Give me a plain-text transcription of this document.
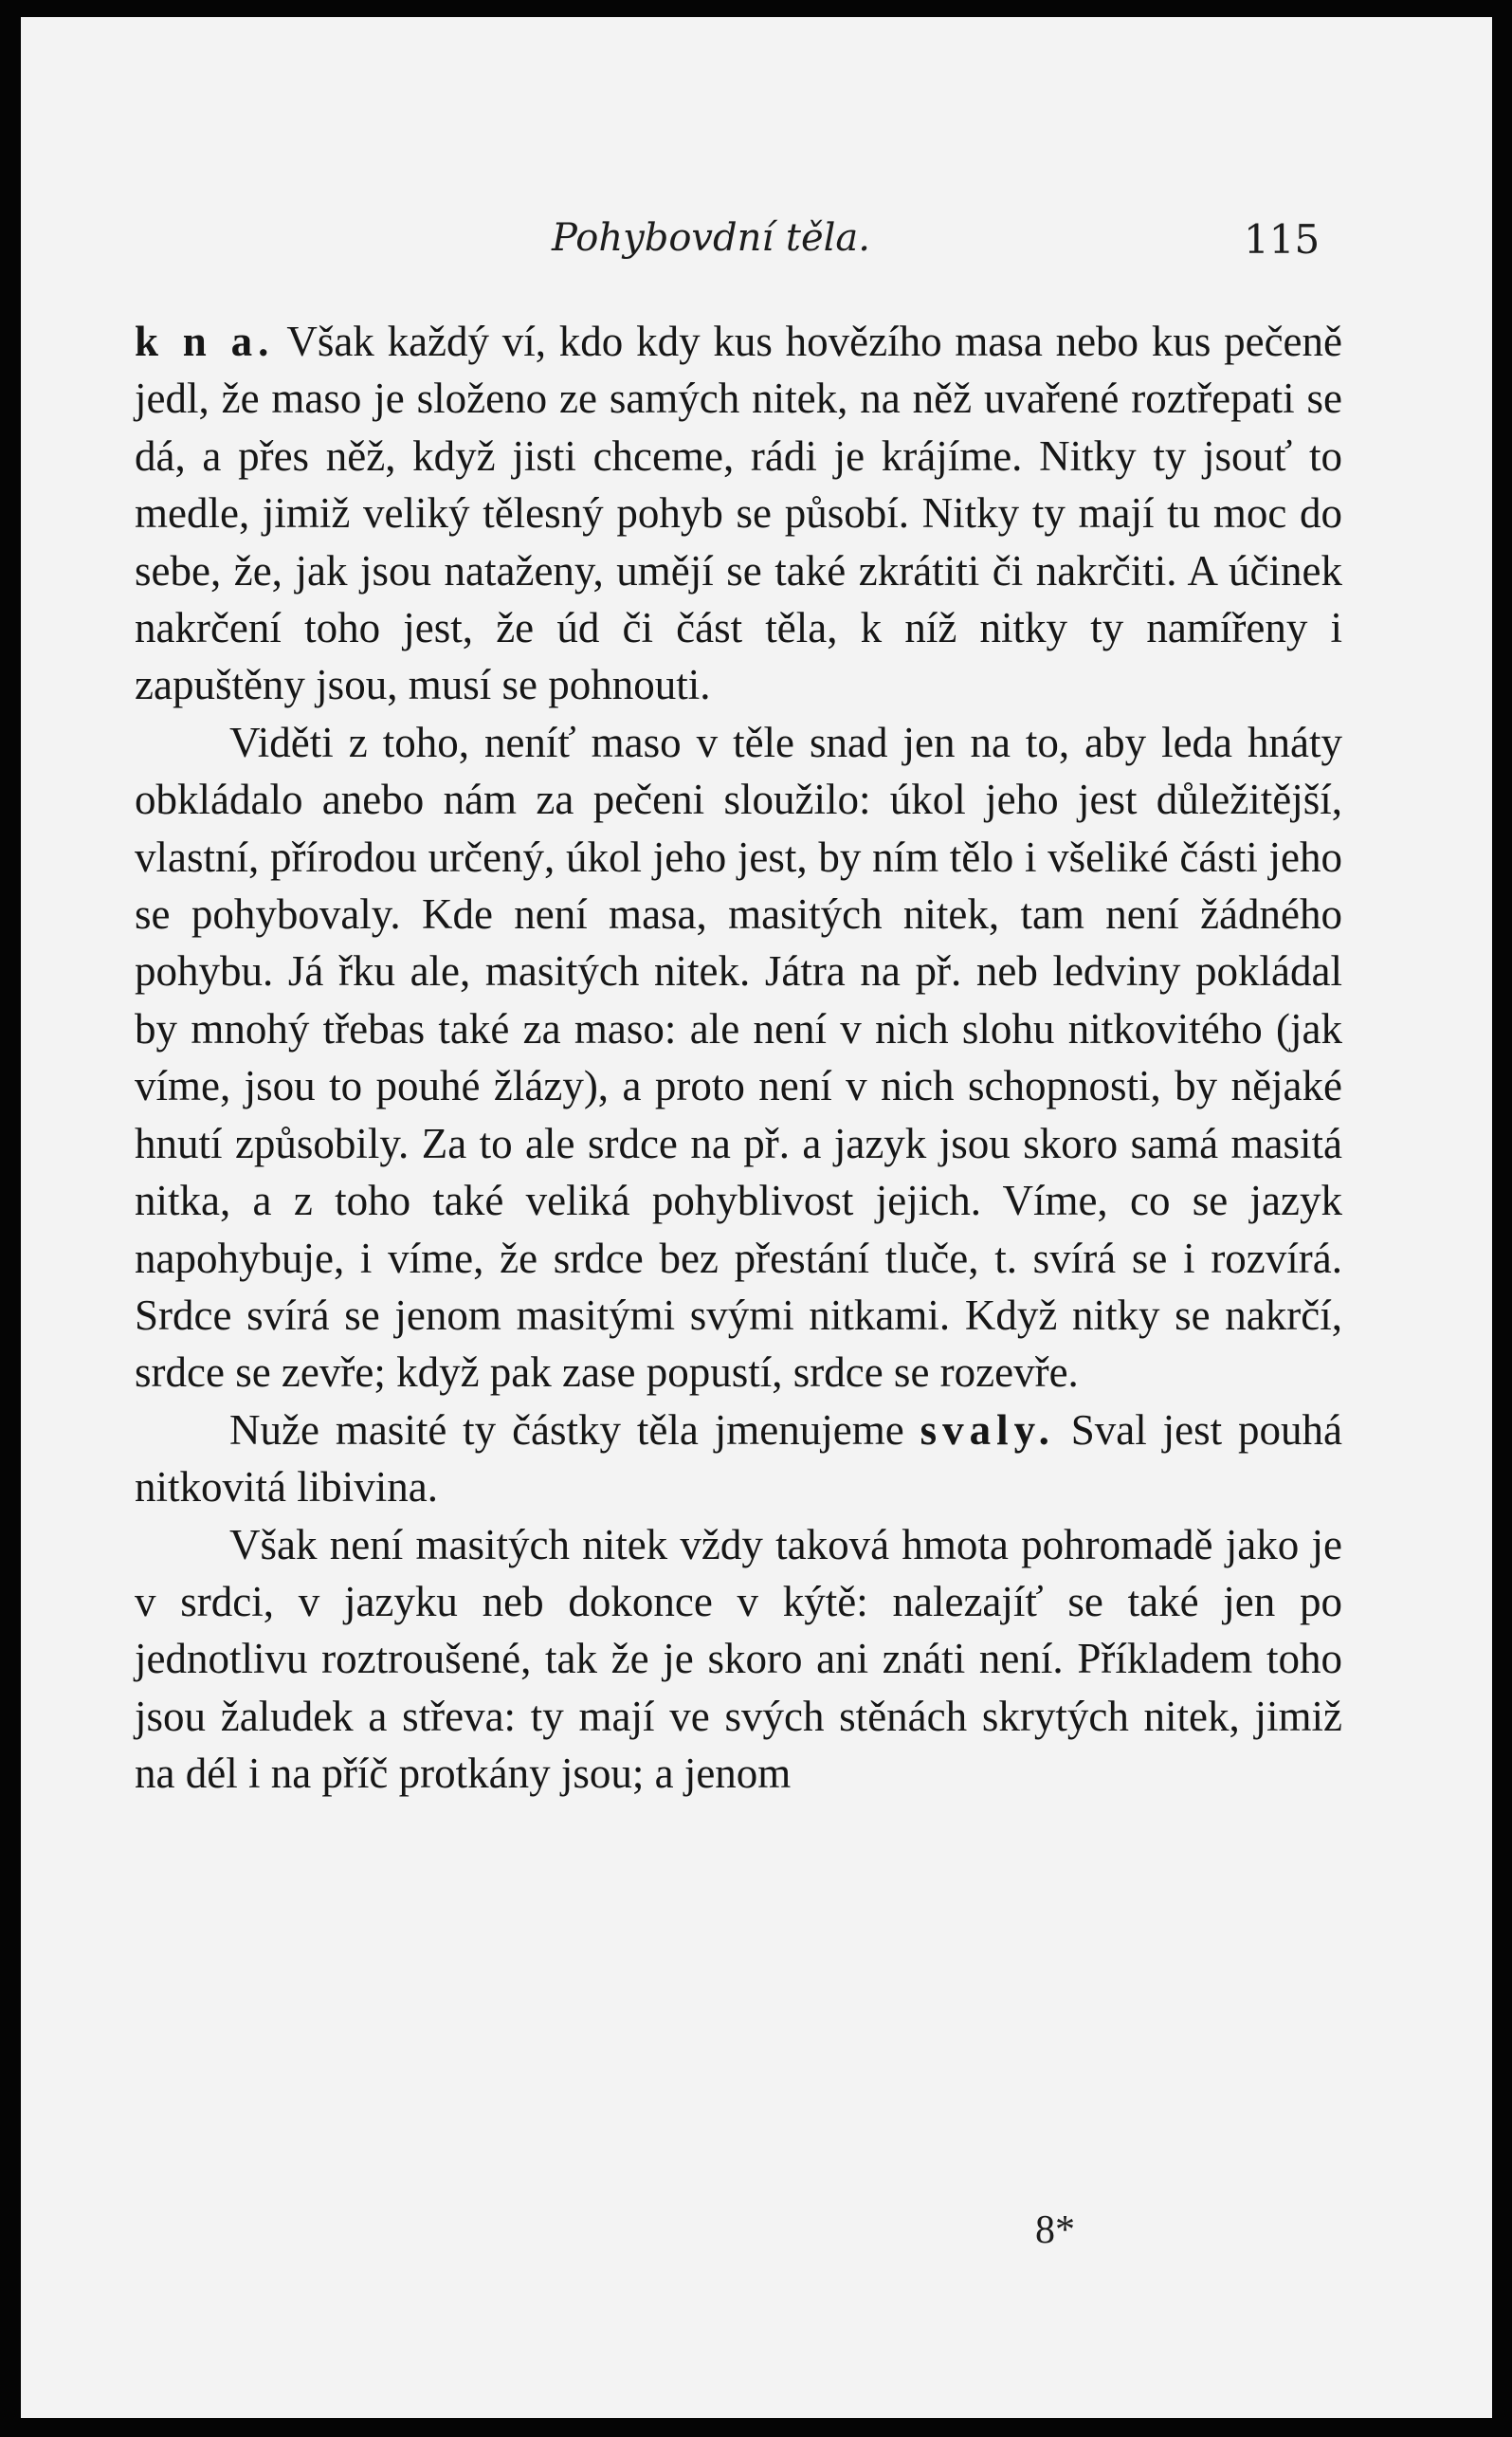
Pohybovdní těla.	115

k n a. Však každý ví, kdo kdy kus hovězího masa nebo kus pečeně jedl, že maso je složeno ze samých nitek, na něž uvařené roztřepati se dá, a přes něž, když jisti chceme, rádi je krájíme. Nitky ty jsouť to medle, jimiž veliký tělesný pohyb se působí. Nitky ty mají tu moc do sebe, že, jak jsou nataženy, umějí se také zkrátiti či nakrčiti. A účinek nakrčení toho jest, že úd či část těla, k níž nitky ty namířeny i zapuštěny jsou, musí se pohnouti.

Viděti z toho, neníť maso v těle snad jen na to, aby leda hnáty obkládalo anebo nám za pečeni sloužilo: úkol jeho jest důležitější, vlastní, přírodou určený, úkol jeho jest, by ním tělo i všeliké části jeho se pohybovaly. Kde není masa, masitých nitek, tam není žádného pohybu. Já řku ale, masitých nitek. Játra na př. neb ledviny pokládal by mnohý třebas také za maso: ale není v nich slohu nitkovitého (jak víme, jsou to pouhé žlázy), a proto není v nich schopnosti, by nějaké hnutí způsobily. Za to ale srdce na př. a jazyk jsou skoro samá masitá nitka, a z toho také veliká pohyblivost jejich. Víme, co se jazyk napohybuje, i víme, že srdce bez přestání tluče, t. svírá se i rozvírá. Srdce svírá se jenom masitými svými nitkami. Když nitky se nakrčí, srdce se zevře; když pak zase popustí, srdce se rozevře.

Nuže masité ty částky těla jmenujeme svaly. Sval jest pouhá nitkovitá libivina.

Však není masitých nitek vždy taková hmota pohromadě jako je v srdci, v jazyku neb dokonce v kýtě: nalezajíť se také jen po jednotlivu roztroušené, tak že je skoro ani znáti není. Příkladem toho jsou žaludek a střeva: ty mají ve svých stěnách skrytých nitek, jimiž na dél i na příč protkány jsou; a jenom

8*
